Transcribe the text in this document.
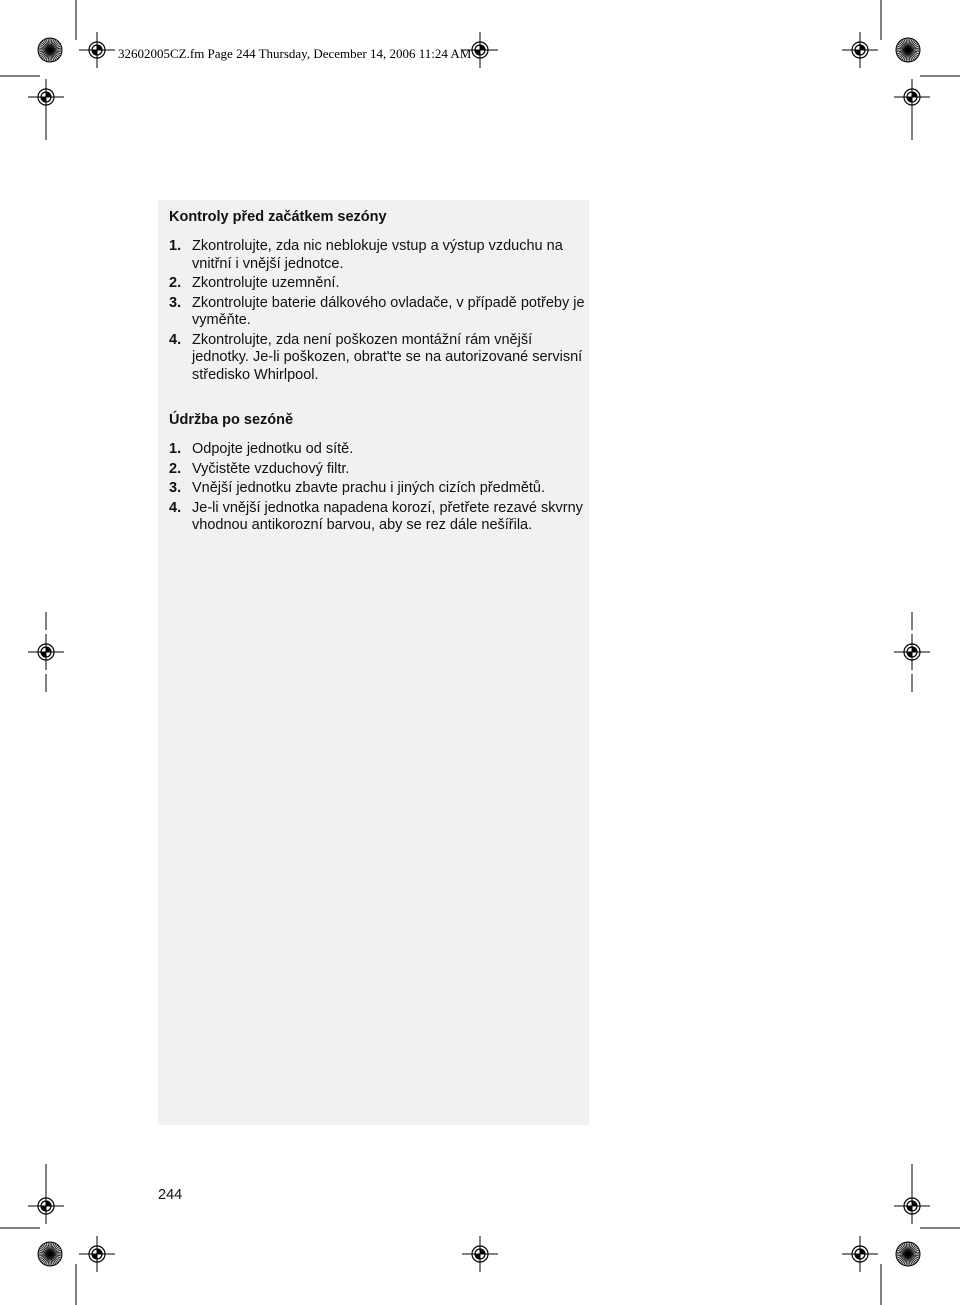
32602005CZ.fm Page 244 Thursday, December 14, 2006 11:24 AM
Kontroly před začátkem sezóny
1. Zkontrolujte, zda nic neblokuje vstup a výstup vzduchu na vnitřní i vnější jednotce.
2. Zkontrolujte uzemnění.
3. Zkontrolujte baterie dálkového ovladače, v případě potřeby je vyměňte.
4. Zkontrolujte, zda není poškozen montážní rám vnější jednotky. Je-li poškozen, obrat'te se na autorizované servisní středisko Whirlpool.
Údržba po sezóně
1. Odpojte jednotku od sítě.
2. Vyčistěte vzduchový filtr.
3. Vnější jednotku zbavte prachu i jiných cizích předmětů.
4. Je-li vnější jednotka napadena korozí, přetřete rezavé skvrny vhodnou antikorozní barvou, aby se rez dále nešířila.
244
